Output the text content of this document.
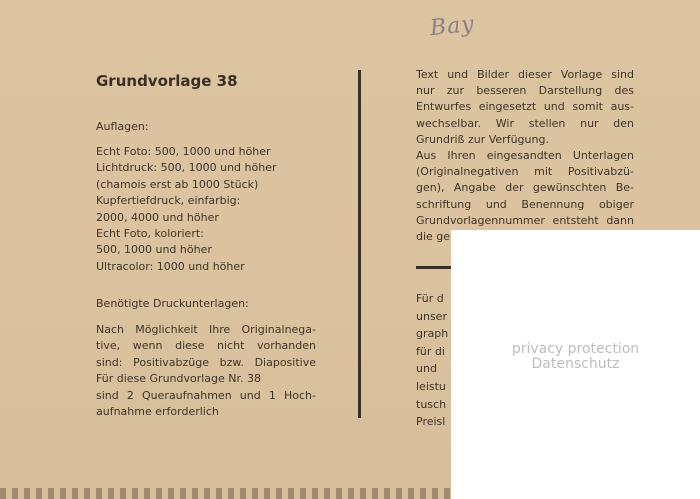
Bay
Grundvorlage 38
Auflagen:
Echt Foto: 500, 1000 und höher
Lichtdruck: 500, 1000 und höher
(chamois erst ab 1000 Stück)
Kupfertiefdruck, einfarbig:
2000, 4000 und höher
Echt Foto, koloriert:
500, 1000 und höher
Ultracolor: 1000 und höher
Benötigte Druckunterlagen:
Nach Möglichkeit Ihre Originalnega-
tive, wenn diese nicht vorhanden
sind: Positivabzüge bzw. Diapositive
Für diese Grundvorlage Nr. 38
sind 2 Queraufnahmen und 1 Hoch-
aufnahme erforderlich
Text und Bilder dieser Vorlage sind
nur zur besseren Darstellung des
Entwurfes eingesetzt und somit aus-
wechselbar. Wir stellen nur den
Grundriß zur Verfügung.
Aus Ihren eingesandten Unterlagen
(Originalnegativen mit Positivabzü-
gen), Angabe der gewünschten Be-
schriftung und Benennung obiger
Grundvorlagennummer entsteht dann
die ge
Für d
unser
graph
für di
und
leistu
tusch
Preisl
privacy protection
Datenschutz
